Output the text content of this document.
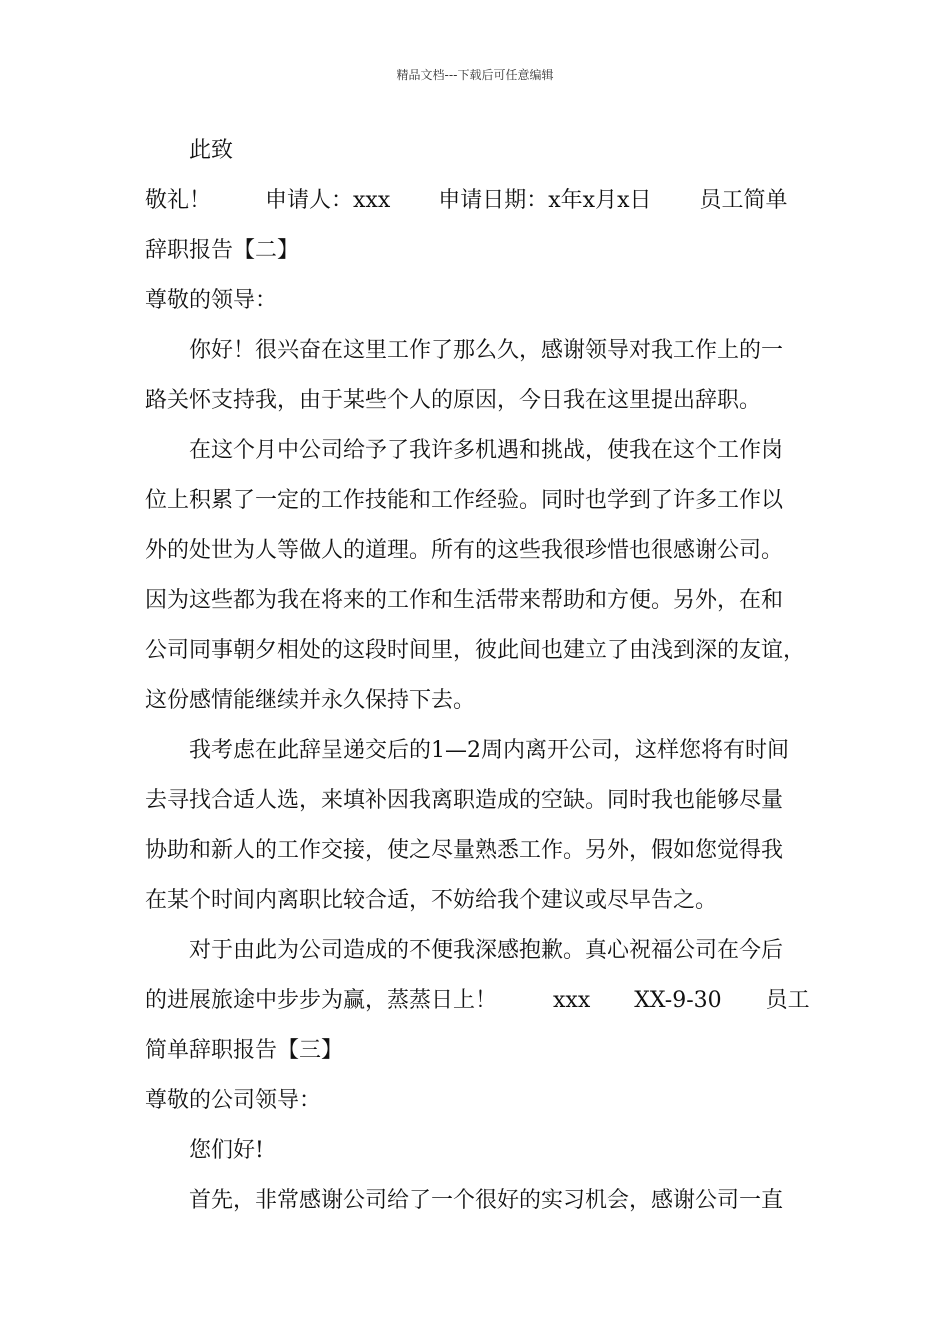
精品文档---下载后可任意编辑
此致
敬礼！ 申请人：xxx 申请日期：x年x月x日 员工简单
辞职报告【二】
尊敬的领导：
你好！很兴奋在这里工作了那么久，感谢领导对我工作上的一
路关怀支持我，由于某些个人的原因，今日我在这里提出辞职。
在这个月中公司给予了我许多机遇和挑战，使我在这个工作岗
位上积累了一定的工作技能和工作经验。同时也学到了许多工作以
外的处世为人等做人的道理。所有的这些我很珍惜也很感谢公司。
因为这些都为我在将来的工作和生活带来帮助和方便。另外，在和
公司同事朝夕相处的这段时间里，彼此间也建立了由浅到深的友谊，
这份感情能继续并永久保持下去。
我考虑在此辞呈递交后的1—2周内离开公司，这样您将有时间
去寻找合适人选，来填补因我离职造成的空缺。同时我也能够尽量
协助和新人的工作交接，使之尽量熟悉工作。另外，假如您觉得我
在某个时间内离职比较合适，不妨给我个建议或尽早告之。
对于由此为公司造成的不便我深感抱歉。真心祝福公司在今后
的进展旅途中步步为赢，蒸蒸日上！	xxx XX-9-30 员工
简单辞职报告【三】
尊敬的公司领导：
您们好!
首先，非常感谢公司给了一个很好的实习机会，感谢公司一直
